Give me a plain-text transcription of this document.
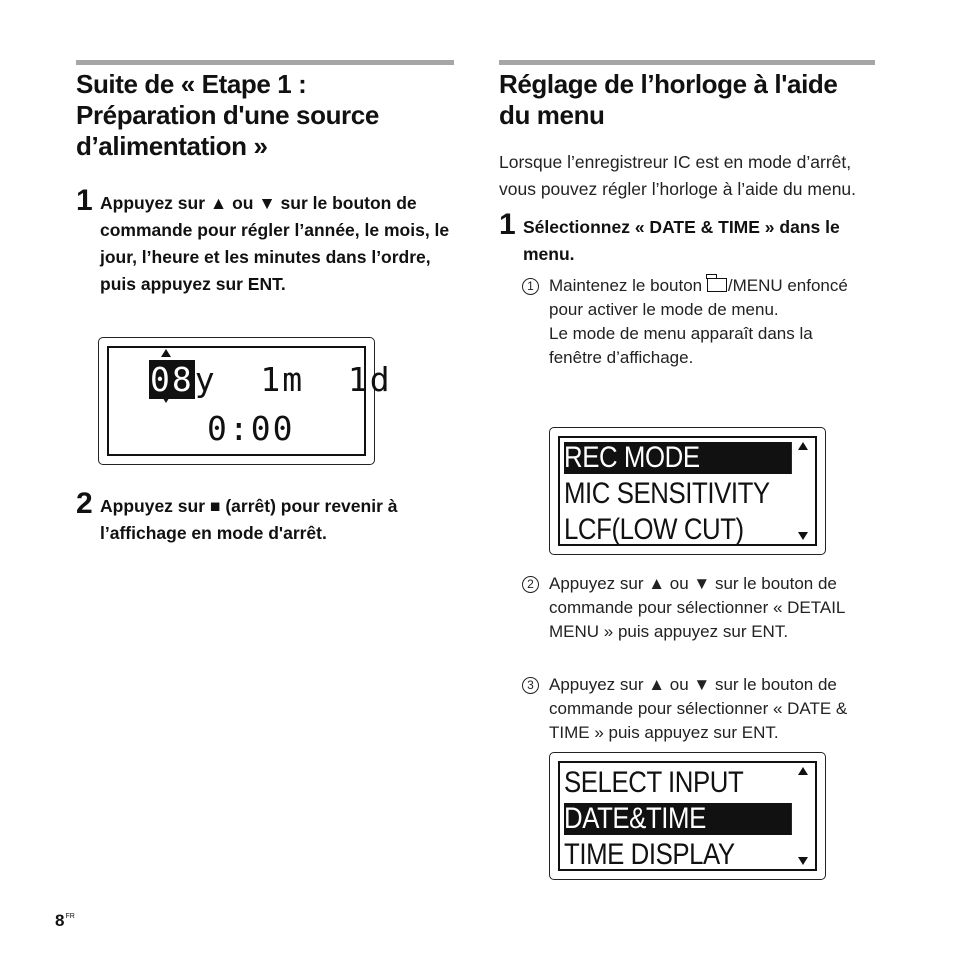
Suite de « Etape 1 :
Préparation d'une source
d’alimentation »
1 Appuyez sur ▲ ou ▼ sur le bouton de commande pour régler l’année, le mois, le jour, l’heure et les minutes dans l’ordre, puis appuyez sur ENT.
08y  1m  1d
0:00
2 Appuyez sur ■ (arrêt) pour revenir à l’affichage en mode d'arrêt.
Réglage de l’horloge à l'aide
du menu

Lorsque l’enregistreur IC est en mode d’arrêt, vous pouvez régler l’horloge à l’aide du menu.

1 Sélectionnez « DATE & TIME » dans le menu.
1 Maintenez le bouton /MENU enfoncé pour activer le mode de menu.
Le mode de menu apparaît dans la fenêtre d’affichage.
REC MODE
MIC SENSITIVITY
LCF(LOW CUT)
2 Appuyez sur ▲ ou ▼ sur le bouton de commande pour sélectionner « DETAIL MENU » puis appuyez sur ENT.
3 Appuyez sur ▲ ou ▼ sur le bouton de commande pour sélectionner « DATE & TIME » puis appuyez sur ENT.
SELECT INPUT
DATE&TIME
TIME DISPLAY
$8^{FR}$
